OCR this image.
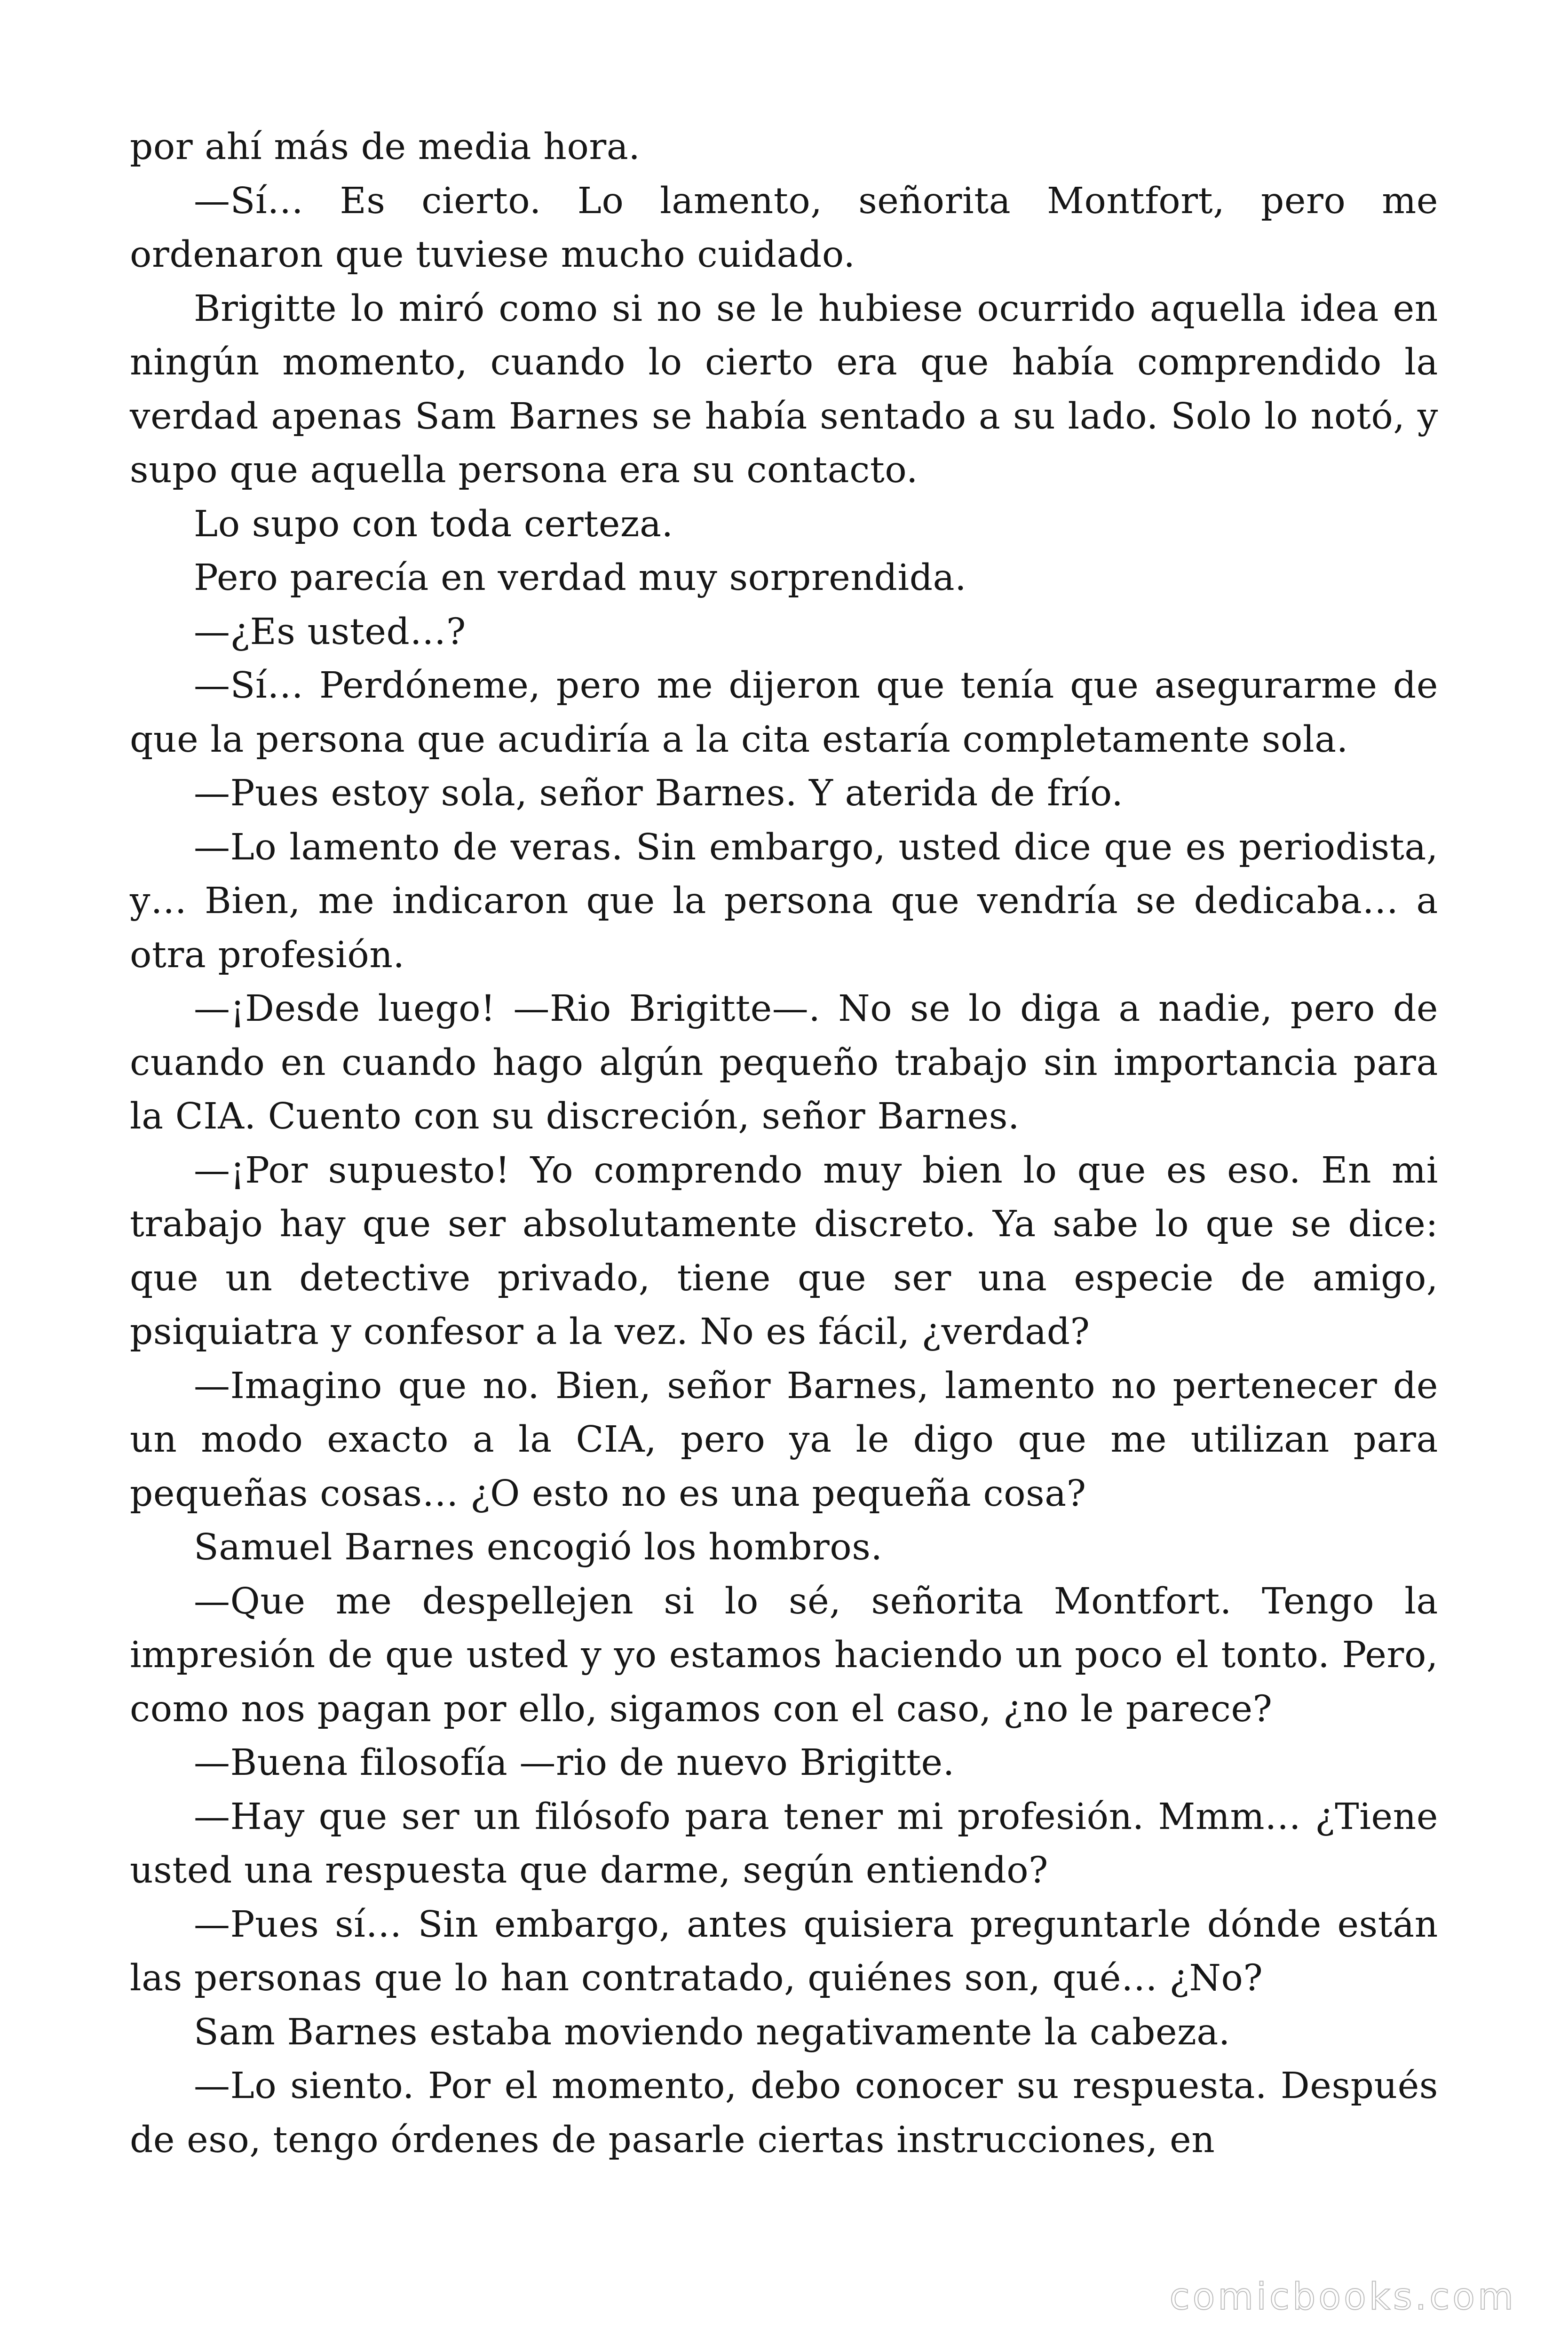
por ahí más de media hora.

—Sí… Es cierto. Lo lamento, señorita Montfort, pero me ordenaron que tuviese mucho cuidado.

Brigitte lo miró como si no se le hubiese ocurrido aquella idea en ningún momento, cuando lo cierto era que había comprendido la verdad apenas Sam Barnes se había sentado a su lado. Solo lo notó, y supo que aquella persona era su contacto.

Lo supo con toda certeza.

Pero parecía en verdad muy sorprendida.

—¿Es usted…?

—Sí… Perdóneme, pero me dijeron que tenía que asegurarme de que la persona que acudiría a la cita estaría completamente sola.

—Pues estoy sola, señor Barnes. Y aterida de frío.

—Lo lamento de veras. Sin embargo, usted dice que es periodista, y… Bien, me indicaron que la persona que vendría se dedicaba… a otra profesión.

—¡Desde luego! —Rio Brigitte—. No se lo diga a nadie, pero de cuando en cuando hago algún pequeño trabajo sin importancia para la CIA. Cuento con su discreción, señor Barnes.

—¡Por supuesto! Yo comprendo muy bien lo que es eso. En mi trabajo hay que ser absolutamente discreto. Ya sabe lo que se dice: que un detective privado, tiene que ser una especie de amigo, psiquiatra y confesor a la vez. No es fácil, ¿verdad?

—Imagino que no. Bien, señor Barnes, lamento no pertenecer de un modo exacto a la CIA, pero ya le digo que me utilizan para pequeñas cosas… ¿O esto no es una pequeña cosa?

Samuel Barnes encogió los hombros.

—Que me despellejen si lo sé, señorita Montfort. Tengo la impresión de que usted y yo estamos haciendo un poco el tonto. Pero, como nos pagan por ello, sigamos con el caso, ¿no le parece?

—Buena filosofía —rio de nuevo Brigitte.

—Hay que ser un filósofo para tener mi profesión. Mmm… ¿Tiene usted una respuesta que darme, según entiendo?

—Pues sí… Sin embargo, antes quisiera preguntarle dónde están las personas que lo han contratado, quiénes son, qué… ¿No?

Sam Barnes estaba moviendo negativamente la cabeza.

—Lo siento. Por el momento, debo conocer su respuesta. Después de eso, tengo órdenes de pasarle ciertas instrucciones, en

comicbooks.com
